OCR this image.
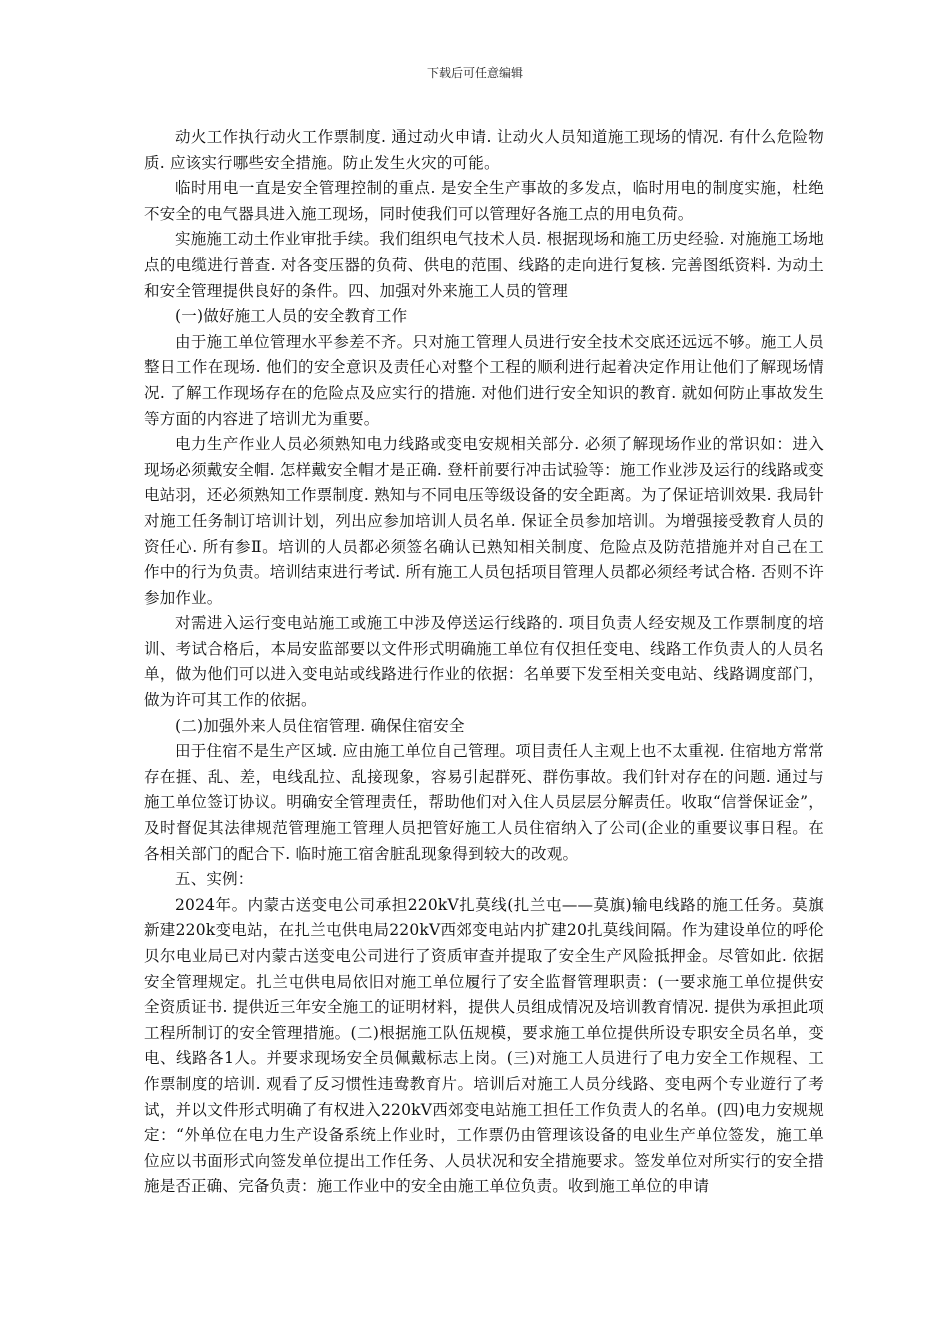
下载后可任意编辑

动火工作执行动火工作票制度. 通过动火申请. 让动火人员知道施工现场的情况. 有什么危险物质. 应该实行哪些安全措施。防止发生火灾的可能。

临时用电一直是安全管理控制的重点. 是安全生产事故的多发点，临时用电的制度实施，杜绝不安全的电气器具进入施工现场，同时使我们可以管理好各施工点的用电负荷。

实施施工动土作业审批手续。我们组织电气技术人员. 根据现场和施工历史经验. 对施施工场地点的电缆进行普查. 对各变压器的负荷、供电的范围、线路的走向进行复核. 完善图纸资料. 为动土和安全管理提供良好的条件。四、加强对外来施工人员的管理

(一)做好施工人员的安全教育工作

由于施工单位管理水平参差不齐。只对施工管理人员进行安全技术交底还远远不够。施工人员整日工作在现场. 他们的安全意识及责任心对整个工程的顺利进行起着决定作用让他们了解现场情况. 了解工作现场存在的危险点及应实行的措施. 对他们进行安全知识的教育. 就如何防止事故发生等方面的内容进了培训尤为重要。

电力生产作业人员必须熟知电力线路或变电安规相关部分. 必须了解现场作业的常识如：进入现场必须戴安全帽. 怎样戴安全帽才是正确. 登杆前要行冲击试验等：施工作业涉及运行的线路或变电站羽，还必须熟知工作票制度. 熟知与不同电压等级设备的安全距离。为了保证培训效果. 我局针对施工任务制订培训计划，列出应参加培训人员名单. 保证全员参加培训。为增强接受教育人员的资任心. 所有参Ⅱ。培训的人员都必须签名确认已熟知相关制度、危险点及防范措施并对自己在工作中的行为负责。培训结束进行考试. 所有施工人员包括项目管理人员都必须经考试合格. 否则不许参加作业。

对需进入运行变电站施工或施工中涉及停送运行线路的. 项目负责人经安规及工作票制度的培训、考试合格后，本局安监部要以文件形式明确施工单位有仅担任变电、线路工作负责人的人员名单，做为他们可以进入变电站或线路进行作业的依据：名单要下发至相关变电站、线路调度部门，做为许可其工作的依据。

(二)加强外来人员住宿管理. 确保住宿安全

田于住宿不是生产区域. 应由施工单位自己管理。项目责任人主观上也不太重视. 住宿地方常常存在捱、乱、差，电线乱拉、乱接现象，容易引起群死、群伤事故。我们针对存在的问题. 通过与施工单位签订协议。明确安全管理责任，帮助他们对入住人员层层分解责任。收取“信誉保证金”，及时督促其法律规范管理施工管理人员把管好施工人员住宿纳入了公司(企业的重要议事日程。在各相关部门的配合下. 临时施工宿舍脏乱现象得到较大的改观。

五、实例：

2024年。内蒙古送变电公司承担220kV扎莫线(扎兰屯——莫旗)输电线路的施工任务。莫旗新建220k变电站，在扎兰屯供电局220kV西郊变电站内扩建20扎莫线间隔。作为建设单位的呼伦贝尔电业局已对内蒙古送变电公司进行了资质审查并提取了安全生产风险抵押金。尽管如此. 依据安全管理规定。扎兰屯供电局依旧对施工单位履行了安全监督管理职责：(一要求施工单位提供安全资质证书. 提供近三年安全施工的证明材料，提供人员组成情况及培训教育情况. 提供为承担此项工程所制订的安全管理措施。(二)根据施工队伍规模，要求施工单位提供所设专职安全员名单，变电、线路各1人。并要求现场安全员佩戴标志上岗。(三)对施工人员进行了电力安全工作规程、工作票制度的培训. 观看了反习惯性违鸯教育片。培训后对施工人员分线路、变电两个专业遊行了考试，并以文件形式明确了有权进入220kV西郊变电站施工担任工作负责人的名单。(四)电力安规规定：“外单位在电力生产设备系统上作业时，工作票仍由管理该设备的电业生产单位签发，施工单位应以书面形式向签发单位提出工作任务、人员状况和安全措施要求。签发单位对所实行的安全措施是否正确、完备负责：施工作业中的安全由施工单位负责。收到施工单位的申请
